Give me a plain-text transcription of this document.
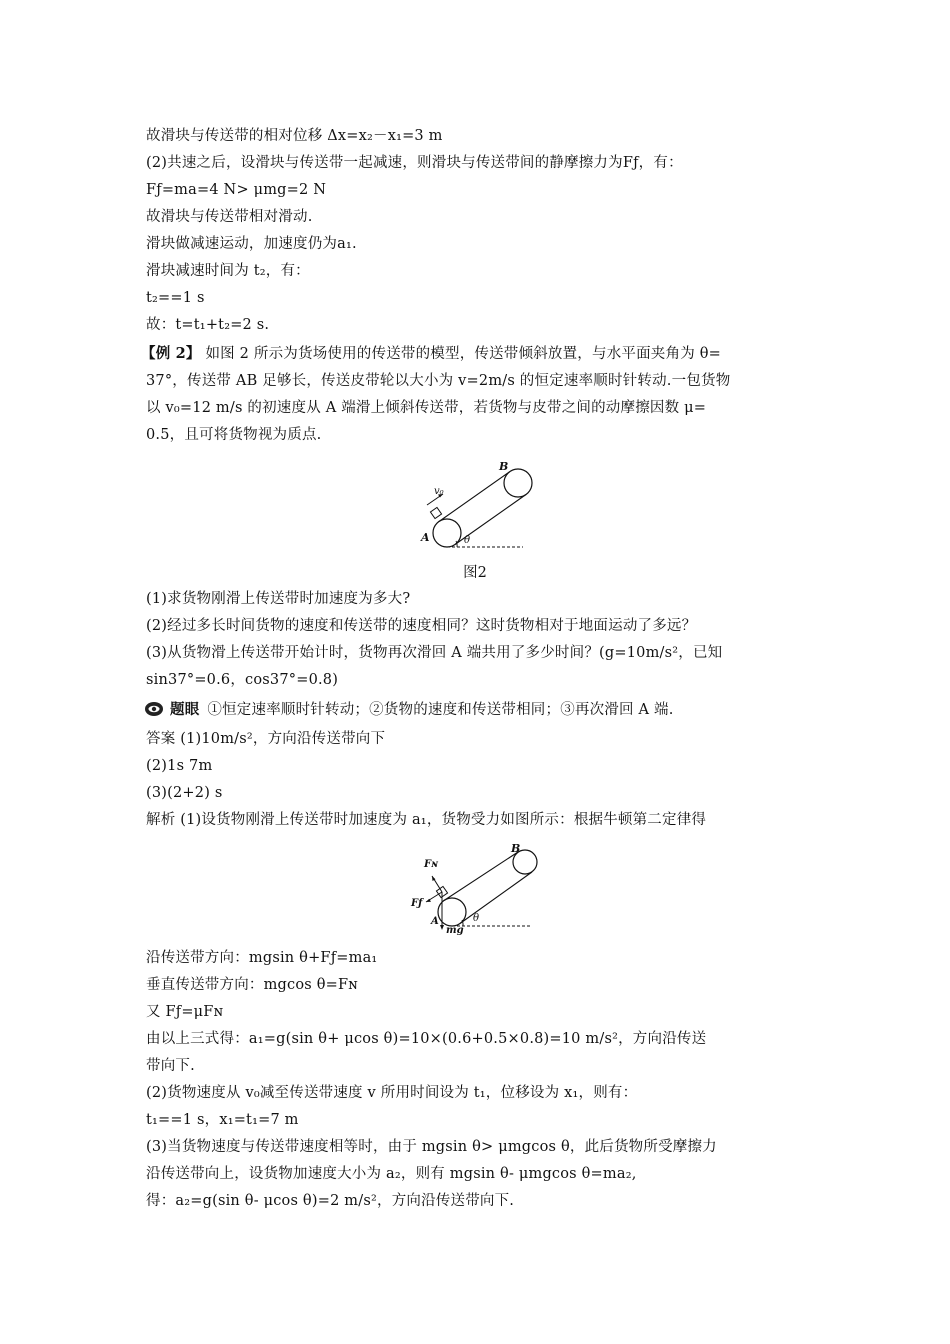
故滑块与传送带的相对位移 Δx=x₂－x₁=3 m
(2)共速之后，设滑块与传送带一起减速，则滑块与传送带间的静摩擦力为Fƒ，有：
Fƒ=ma=4 N> μmg=2 N
故滑块与传送带相对滑动.
滑块做减速运动，加速度仍为a₁.
滑块减速时间为 t₂，有：
t₂==1 s
故：t=t₁+t₂=2 s.
【例 2】 如图 2 所示为货场使用的传送带的模型，传送带倾斜放置，与水平面夹角为 θ=
37°，传送带 AB 足够长，传送皮带轮以大小为 v=2m/s 的恒定速率顺时针转动.一包货物
以 v₀=12 m/s 的初速度从 A 端滑上倾斜传送带，若货物与皮带之间的动摩擦因数 μ=
0.5，且可将货物视为质点.
B
A
v₀
θ
图2
(1)求货物刚滑上传送带时加速度为多大?
(2)经过多长时间货物的速度和传送带的速度相同？这时货物相对于地面运动了多远？
(3)从货物滑上传送带开始计时，货物再次滑回 A 端共用了多少时间？(g=10m/s²，已知
sin37°=0.6，cos37°=0.8)
题眼 ①恒定速率顺时针转动；②货物的速度和传送带相同；③再次滑回 A 端.
答案 (1)10m/s²，方向沿传送带向下
(2)1s 7m
(3)(2+2) s
解析 (1)设货物刚滑上传送带时加速度为 a₁，货物受力如图所示：根据牛顿第二定律得
B
Fɴ
Fƒ
A
mg
θ
沿传送带方向：mgsin θ+Fƒ=ma₁
垂直传送带方向：mgcos θ=Fɴ
又 Fƒ=μFɴ
由以上三式得：a₁=g(sin θ+ μcos θ)=10×(0.6+0.5×0.8)=10 m/s²，方向沿传送
带向下.
(2)货物速度从 v₀减至传送带速度 v 所用时间设为 t₁，位移设为 x₁，则有：
t₁==1 s，x₁=t₁=7 m
(3)当货物速度与传送带速度相等时，由于 mgsin θ> μmgcos θ，此后货物所受摩擦力
沿传送带向上，设货物加速度大小为 a₂，则有 mgsin θ- μmgcos θ=ma₂,
得：a₂=g(sin θ- μcos θ)=2 m/s²，方向沿传送带向下.
